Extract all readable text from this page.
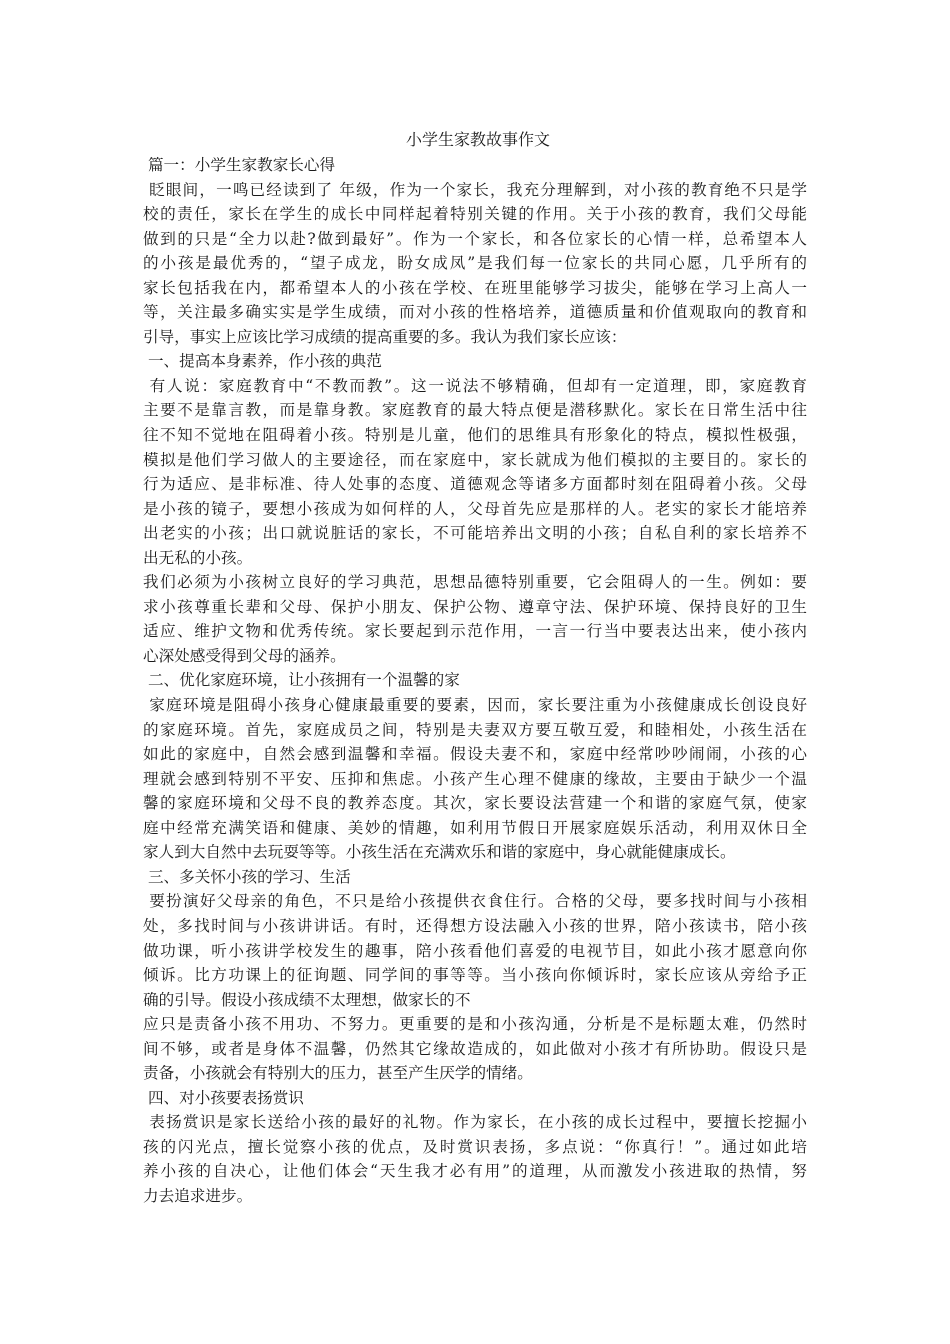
小学生家教故事作文
篇一：小学生家教家长心得
眨眼间，一鸣已经读到了 年级，作为一个家长，我充分理解到，对小孩的教育绝不只是学
校的责任，家长在学生的成长中同样起着特别关键的作用。关于小孩的教育，我们父母能
做到的只是“全力以赴?做到最好”。作为一个家长，和各位家长的心情一样，总希望本人
的小孩是最优秀的，“望子成龙，盼女成凤”是我们每一位家长的共同心愿，几乎所有的
家长包括我在内，都希望本人的小孩在学校、在班里能够学习拔尖，能够在学习上高人一
等，关注最多确实实是学生成绩，而对小孩的性格培养，道德质量和价值观取向的教育和
引导，事实上应该比学习成绩的提高重要的多。我认为我们家长应该：
一、提高本身素养，作小孩的典范
有人说：家庭教育中“不教而教”。这一说法不够精确，但却有一定道理，即，家庭教育
主要不是靠言教，而是靠身教。家庭教育的最大特点便是潜移默化。家长在日常生活中往
往不知不觉地在阻碍着小孩。特别是儿童，他们的思维具有形象化的特点，模拟性极强，
模拟是他们学习做人的主要途径，而在家庭中，家长就成为他们模拟的主要目的。家长的
行为适应、是非标准、待人处事的态度、道德观念等诸多方面都时刻在阻碍着小孩。父母
是小孩的镜子，要想小孩成为如何样的人，父母首先应是那样的人。老实的家长才能培养
出老实的小孩；出口就说脏话的家长，不可能培养出文明的小孩；自私自利的家长培养不
出无私的小孩。
我们必须为小孩树立良好的学习典范，思想品德特别重要，它会阻碍人的一生。例如：要
求小孩尊重长辈和父母、保护小朋友、保护公物、遵章守法、保护环境、保持良好的卫生
适应、维护文物和优秀传统。家长要起到示范作用，一言一行当中要表达出来，使小孩内
心深处感受得到父母的涵养。
二、优化家庭环境，让小孩拥有一个温馨的家
家庭环境是阻碍小孩身心健康最重要的要素，因而，家长要注重为小孩健康成长创设良好
的家庭环境。首先，家庭成员之间，特别是夫妻双方要互敬互爱，和睦相处，小孩生活在
如此的家庭中，自然会感到温馨和幸福。假设夫妻不和，家庭中经常吵吵闹闹，小孩的心
理就会感到特别不平安、压抑和焦虑。小孩产生心理不健康的缘故，主要由于缺少一个温
馨的家庭环境和父母不良的教养态度。其次，家长要设法营建一个和谐的家庭气氛，使家
庭中经常充满笑语和健康、美妙的情趣，如利用节假日开展家庭娱乐活动，利用双休日全
家人到大自然中去玩耍等等。小孩生活在充满欢乐和谐的家庭中，身心就能健康成长。
三、多关怀小孩的学习、生活
要扮演好父母亲的角色，不只是给小孩提供衣食住行。合格的父母，要多找时间与小孩相
处，多找时间与小孩讲讲话。有时，还得想方设法融入小孩的世界，陪小孩读书，陪小孩
做功课，听小孩讲学校发生的趣事，陪小孩看他们喜爱的电视节目，如此小孩才愿意向你
倾诉。比方功课上的征询题、同学间的事等等。当小孩向你倾诉时，家长应该从旁给予正
确的引导。假设小孩成绩不太理想，做家长的不
应只是责备小孩不用功、不努力。更重要的是和小孩沟通，分析是不是标题太难，仍然时
间不够，或者是身体不温馨，仍然其它缘故造成的，如此做对小孩才有所协助。假设只是
责备，小孩就会有特别大的压力，甚至产生厌学的情绪。
四、对小孩要表扬赏识
表扬赏识是家长送给小孩的最好的礼物。作为家长，在小孩的成长过程中，要擅长挖掘小
孩的闪光点，擅长觉察小孩的优点，及时赏识表扬，多点说：“你真行！”。通过如此培
养小孩的自决心，让他们体会“天生我才必有用”的道理，从而激发小孩进取的热情，努
力去追求进步。
